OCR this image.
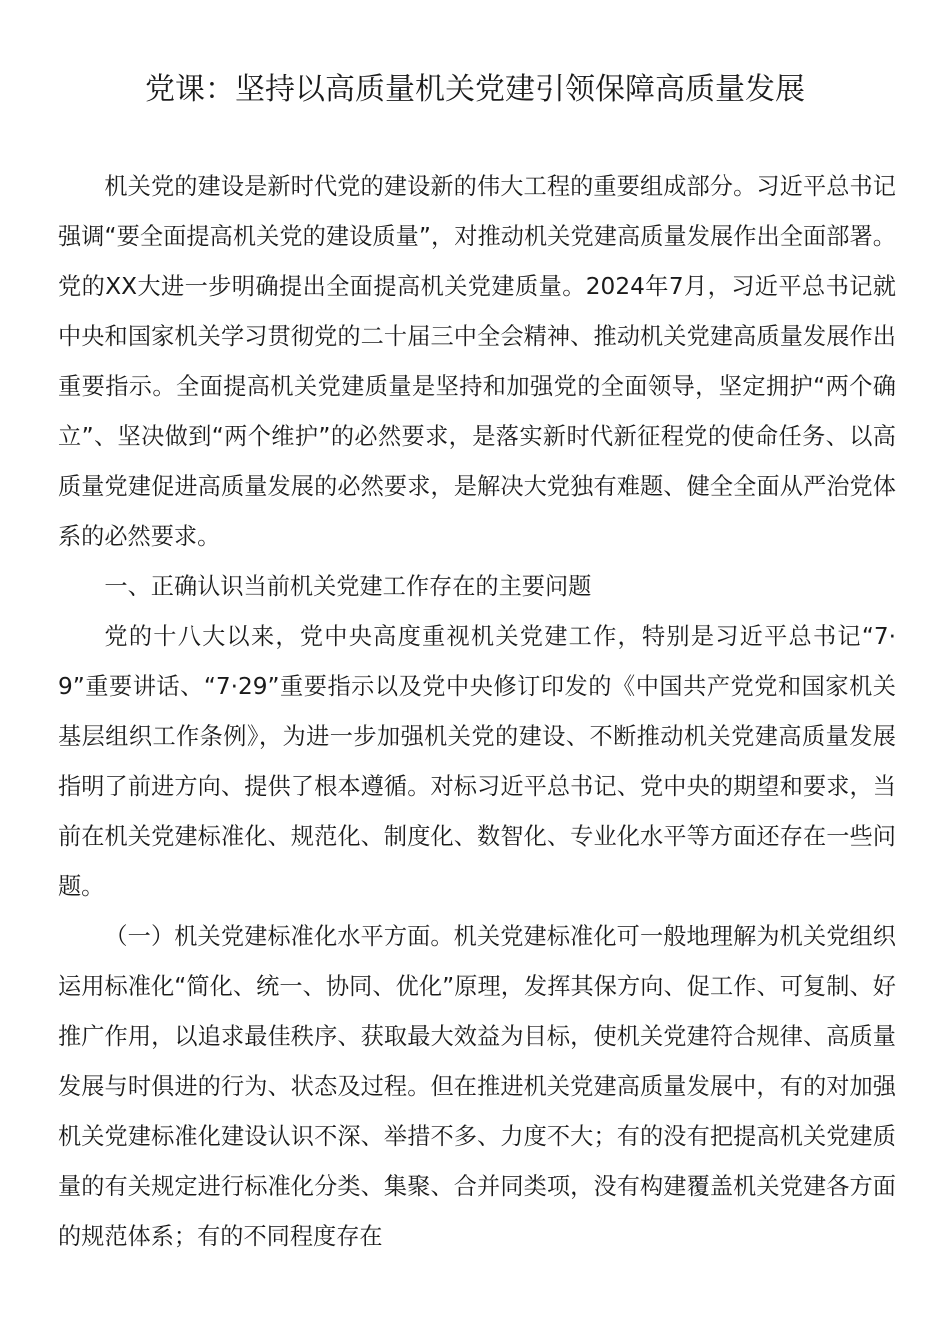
党课：坚持以高质量机关党建引领保障高质量发展

机关党的建设是新时代党的建设新的伟大工程的重要组成部分。习近平总书记强调“要全面提高机关党的建设质量”，对推动机关党建高质量发展作出全面部署。党的XX大进一步明确提出全面提高机关党建质量。2024年7月，习近平总书记就中央和国家机关学习贯彻党的二十届三中全会精神、推动机关党建高质量发展作出重要指示。全面提高机关党建质量是坚持和加强党的全面领导，坚定拥护“两个确立”、坚决做到“两个维护”的必然要求，是落实新时代新征程党的使命任务、以高质量党建促进高质量发展的必然要求，是解决大党独有难题、健全全面从严治党体系的必然要求。

一、正确认识当前机关党建工作存在的主要问题

党的十八大以来，党中央高度重视机关党建工作，特别是习近平总书记“7·9”重要讲话、“7·29”重要指示以及党中央修订印发的《中国共产党党和国家机关基层组织工作条例》，为进一步加强机关党的建设、不断推动机关党建高质量发展指明了前进方向、提供了根本遵循。对标习近平总书记、党中央的期望和要求，当前在机关党建标准化、规范化、制度化、数智化、专业化水平等方面还存在一些问题。

（一）机关党建标准化水平方面。机关党建标准化可一般地理解为机关党组织运用标准化“简化、统一、协同、优化”原理，发挥其保方向、促工作、可复制、好推广作用，以追求最佳秩序、获取最大效益为目标，使机关党建符合规律、高质量发展与时俱进的行为、状态及过程。但在推进机关党建高质量发展中，有的对加强机关党建标准化建设认识不深、举措不多、力度不大；有的没有把提高机关党建质量的有关规定进行标准化分类、集聚、合并同类项，没有构建覆盖机关党建各方面的规范体系；有的不同程度存在
